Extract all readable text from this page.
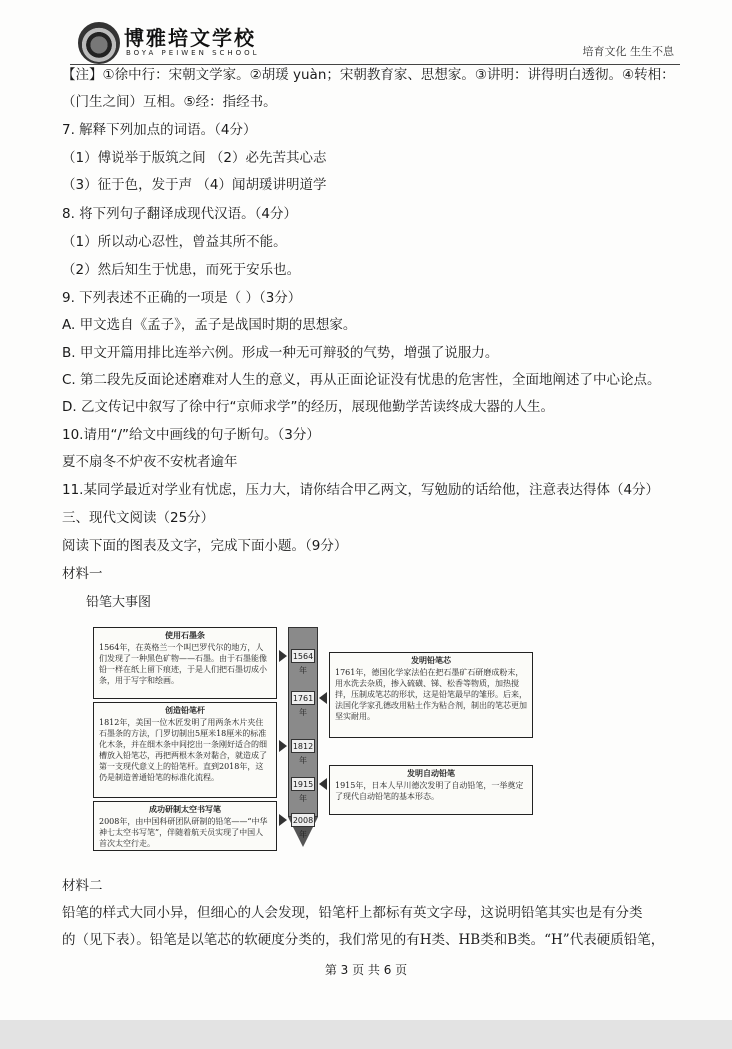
博雅培文学校
BOYA PEIWEN SCHOOL	培育文化 生生不息
【注】①徐中行：宋朝文学家。②胡瑗 yuàn；宋朝教育家、思想家。③讲明：讲得明白透彻。④转相：
（门生之间）互相。⑤经：指经书。
7. 解释下列加点的词语。（4分）
（1）傅说举于版筑之间 （2）必先苦其心志
（3）征于色，发于声 （4）闻胡瑗讲明道学
8. 将下列句子翻译成现代汉语。（4分）
（1）所以动心忍性，曾益其所不能。
（2）然后知生于忧患，而死于安乐也。
9. 下列表述不正确的一项是（ ）（3分）
A. 甲文选自《孟子》，孟子是战国时期的思想家。
B. 甲文开篇用排比连举六例。形成一种无可辩驳的气势，增强了说服力。
C. 第二段先反面论述磨难对人生的意义，再从正面论证没有忧患的危害性，全面地阐述了中心论点。
D. 乙文传记中叙写了徐中行“京师求学”的经历，展现他勤学苦读终成大器的人生。
10.请用“/”给文中画线的句子断句。（3分）
夏不扇冬不炉夜不安枕者逾年
11.某同学最近对学业有忧虑，压力大，请你结合甲乙两文，写勉励的话给他，注意表达得体（4分）
三、现代文阅读（25分）
阅读下面的图表及文字，完成下面小题。（9分）
材料一
铅笔大事图
使用石墨条
1564年，在英格兰一个叫巴罗代尔的地方，人们发现了一种黑色矿物——石墨。由于石墨能像铅一样在纸上留下痕迹，于是人们把石墨切成小条，用于写字和绘画。
创造铅笔杆
1812年，美国一位木匠发明了用两条木片夹住石墨条的方法，门罗切制出5厘米18厘米的标准化木条，并在细木条中间挖出一条刚好适合的细槽放入铅笔芯，再把两根木条对黏合，就造成了第一支现代意义上的铅笔杆。直到2018年，这仍是制造普通铅笔的标准化流程。
成功研制太空书写笔
2008年，由中国科研团队研制的铅笔——“中华神七太空书写笔”，伴随着航天员实现了中国人首次太空行走。
1564年
1761年
1812年
1915年
2008年
发明铅笔芯
1761年，德国化学家法伯在把石墨矿石研磨成粉末，用水洗去杂质，掺入硫磺、锑、松香等物质，加热搅拌，压制成笔芯的形状，这是铅笔最早的雏形。后来，法国化学家孔德改用粘土作为粘合剂，制出的笔芯更加坚实耐用。
发明自动铅笔
1915年，日本人早川德次发明了自动铅笔，一举奠定了现代自动铅笔的基本形态。
材料二
铅笔的样式大同小异，但细心的人会发现，铅笔杆上都标有英文字母，这说明铅笔其实也是有分类
的（见下表）。铅笔是以笔芯的软硬度分类的，我们常见的有H类、HB类和B类。“H”代表硬质铅笔，
第 3 页 共 6 页
